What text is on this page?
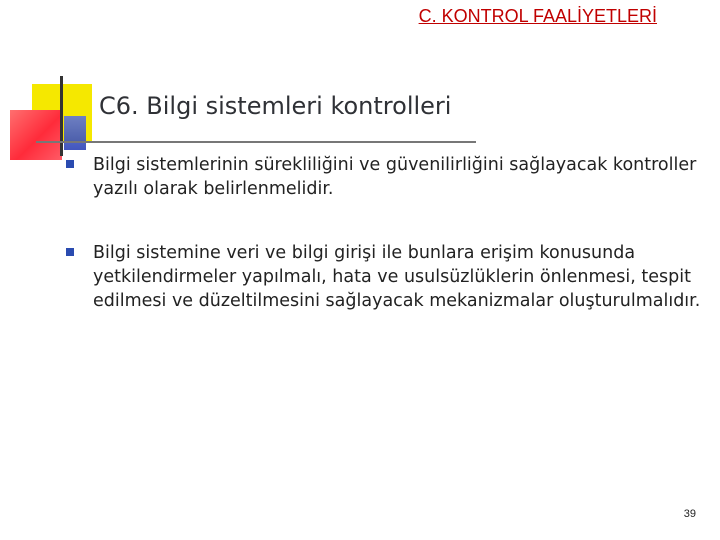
C. KONTROL FAALİYETLERİ
C6. Bilgi sistemleri kontrolleri
Bilgi sistemlerinin sürekliliğini ve güvenilirliğini sağlayacak kontroller yazılı olarak belirlenmelidir.
Bilgi sistemine veri ve bilgi girişi ile bunlara erişim konusunda yetkilendirmeler yapılmalı, hata ve usulsüzlüklerin önlenmesi, tespit edilmesi ve düzeltilmesini sağlayacak mekanizmalar oluşturulmalıdır.
39
